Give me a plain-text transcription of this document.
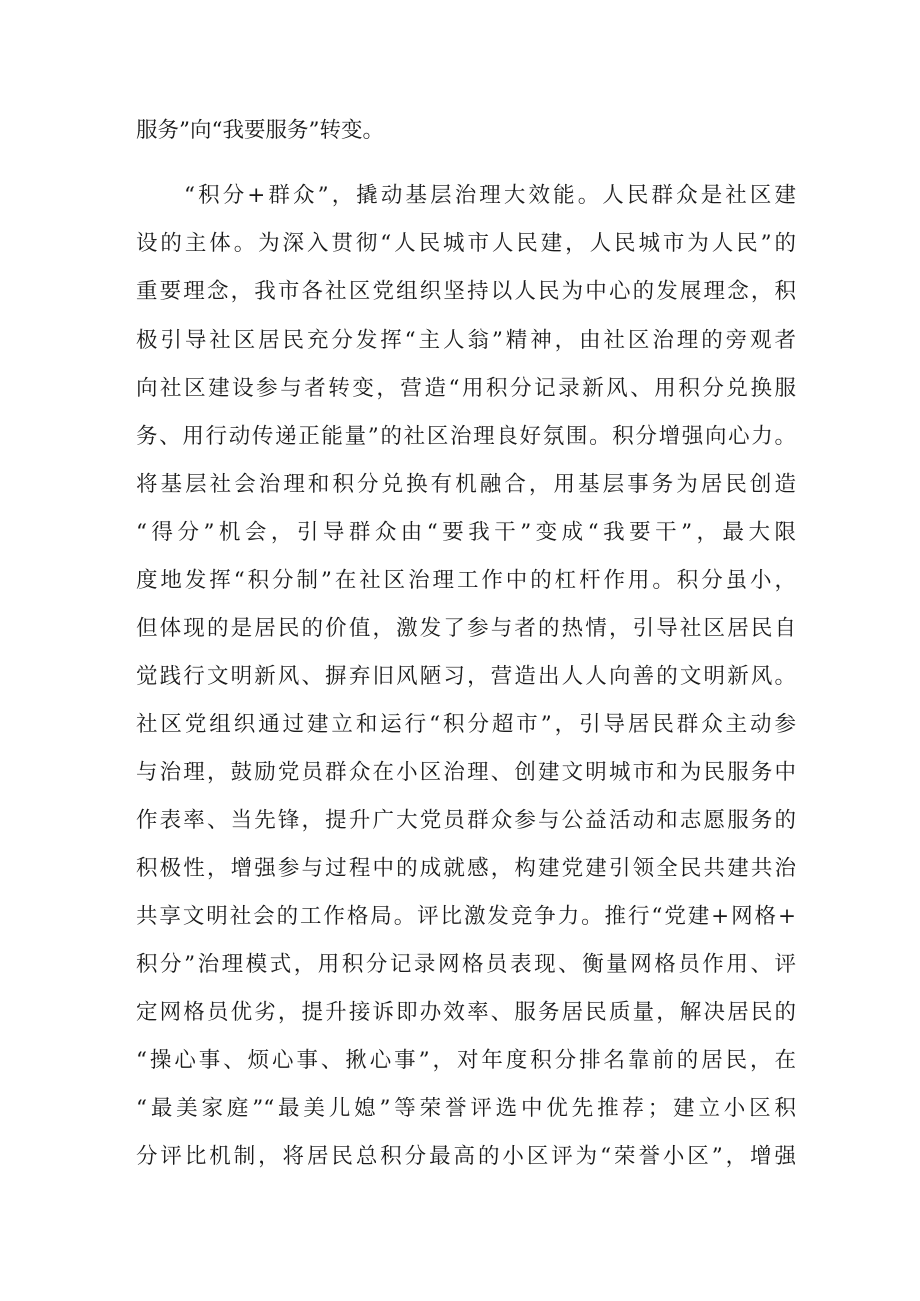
服务”向“我要服务”转变。
“积分+群众”，撬动基层治理大效能。人民群众是社区建
设的主体。为深入贯彻“人民城市人民建，人民城市为人民”的
重要理念，我市各社区党组织坚持以人民为中心的发展理念，积
极引导社区居民充分发挥“主人翁”精神，由社区治理的旁观者
向社区建设参与者转变，营造“用积分记录新风、用积分兑换服
务、用行动传递正能量”的社区治理良好氛围。积分增强向心力。
将基层社会治理和积分兑换有机融合，用基层事务为居民创造
“得分”机会，引导群众由“要我干”变成“我要干”，最大限
度地发挥“积分制”在社区治理工作中的杠杆作用。积分虽小，
但体现的是居民的价值，激发了参与者的热情，引导社区居民自
觉践行文明新风、摒弃旧风陋习，营造出人人向善的文明新风。
社区党组织通过建立和运行“积分超市”，引导居民群众主动参
与治理，鼓励党员群众在小区治理、创建文明城市和为民服务中
作表率、当先锋，提升广大党员群众参与公益活动和志愿服务的
积极性，增强参与过程中的成就感，构建党建引领全民共建共治
共享文明社会的工作格局。评比激发竞争力。推行“党建+网格+
积分”治理模式，用积分记录网格员表现、衡量网格员作用、评
定网格员优劣，提升接诉即办效率、服务居民质量，解决居民的
“操心事、烦心事、揪心事”，对年度积分排名靠前的居民，在
“最美家庭”“最美儿媳”等荣誉评选中优先推荐；建立小区积
分评比机制，将居民总积分最高的小区评为“荣誉小区”，增强
